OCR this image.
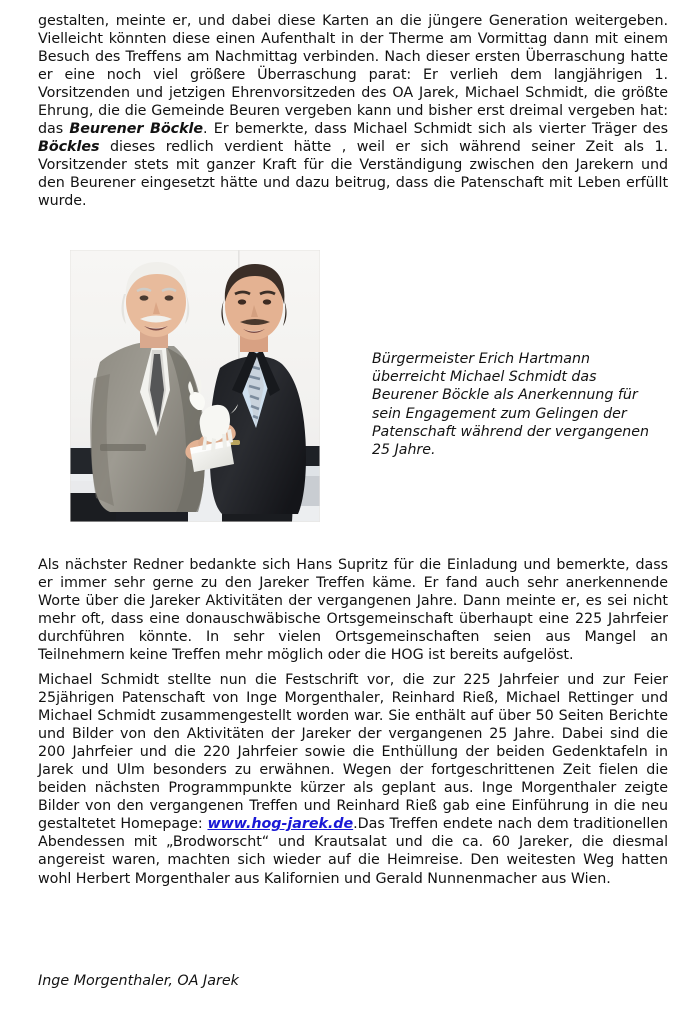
gestalten, meinte er, und dabei diese Karten an die jüngere Generation weitergeben. Vielleicht könnten diese einen Aufenthalt in der Therme am Vormittag dann mit einem Besuch des Treffens am Nachmittag verbinden. Nach dieser ersten Überraschung hatte er eine noch viel größere Überraschung parat: Er verlieh dem langjährigen 1. Vorsitzenden und jetzigen Ehrenvorsitzeden des OA Jarek, Michael Schmidt, die größte Ehrung, die die Gemeinde Beuren vergeben kann und bisher erst dreimal vergeben hat: das Beurener Böckle. Er bemerkte, dass Michael Schmidt sich als vierter Träger des Böckles dieses redlich verdient hätte , weil er sich während seiner Zeit als 1. Vorsitzender stets mit ganzer Kraft für die Verständigung zwischen den Jarekern und den Beurener eingesetzt hätte und dazu beitrug, dass die Patenschaft mit Leben erfüllt wurde.

Bürgermeister Erich Hartmann

überreicht Michael Schmidt das

Beurener Böckle als Anerkennung für

sein Engagement zum Gelingen der

Patenschaft während der vergangenen

25 Jahre.

Als nächster Redner bedankte sich Hans Supritz für die Einladung und bemerkte, dass er immer sehr gerne zu den Jareker Treffen käme. Er fand auch sehr anerkennende Worte über die Jareker Aktivitäten der vergangenen Jahre. Dann meinte er, es sei nicht mehr oft, dass eine donauschwäbische Ortsgemeinschaft überhaupt eine 225 Jahrfeier durchführen könnte. In sehr vielen Ortsgemeinschaften seien aus Mangel an Teilnehmern keine Treffen mehr möglich oder die HOG ist bereits aufgelöst.

Michael Schmidt stellte nun die Festschrift vor, die zur 225 Jahrfeier und zur Feier 25jährigen Patenschaft von Inge Morgenthaler, Reinhard Rieß, Michael Rettinger und Michael Schmidt zusammengestellt worden war. Sie enthält auf über 50 Seiten Berichte und Bilder von den Aktivitäten der Jareker der vergangenen 25 Jahre. Dabei sind die 200 Jahrfeier und die 220 Jahrfeier sowie die Enthüllung der beiden Gedenktafeln in Jarek und Ulm besonders zu erwähnen. Wegen der fortgeschrittenen Zeit fielen die beiden nächsten Programmpunkte kürzer als geplant aus. Inge Morgenthaler zeigte Bilder von den vergangenen Treffen und Reinhard Rieß gab eine Einführung in die neu gestaltetet Homepage: www.hog-jarek.de.Das Treffen endete nach dem traditionellen Abendessen mit „Brodworscht“ und Krautsalat und die ca. 60 Jareker, die diesmal angereist waren, machten sich wieder auf die Heimreise. Den weitesten Weg hatten wohl Herbert Morgenthaler aus Kalifornien und Gerald Nunnenmacher aus Wien.

Inge Morgenthaler, OA Jarek
